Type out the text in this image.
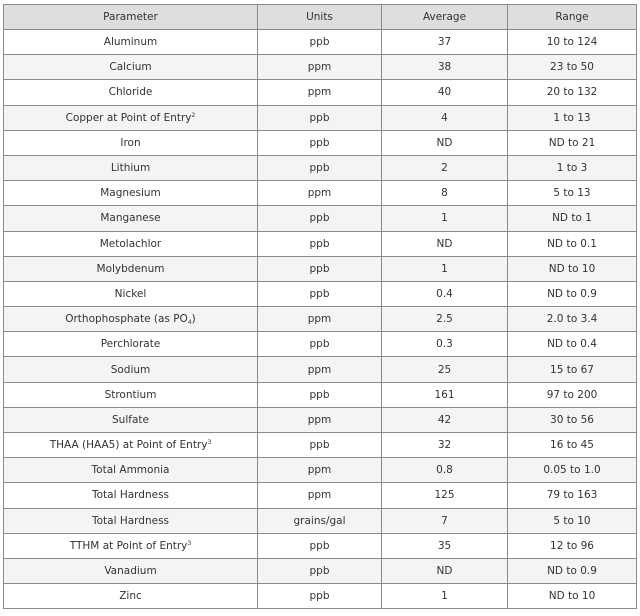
Parameter	Units	Average	Range
Aluminum	ppb	37	10 to 124
Calcium	ppm	38	23 to 50
Chloride	ppm	40	20 to 132
Copper at Point of Entry$^2$	ppb	4	1 to 13
Iron	ppb	ND	ND to 21
Lithium	ppb	2	1 to 3
Magnesium	ppm	8	5 to 13
Manganese	ppb	1	ND to 1
Metolachlor	ppb	ND	ND to 0.1
Molybdenum	ppb	1	ND to 10
Nickel	ppb	0.4	ND to 0.9
Orthophosphate (as $PO_4$)	ppm	2.5	2.0 to 3.4
Perchlorate	ppb	0.3	ND to 0.4
Sodium	ppm	25	15 to 67
Strontium	ppb	161	97 to 200
Sulfate	ppm	42	30 to 56
THAA (HAA5) at Point of Entry$^3$	ppb	32	16 to 45
Total Ammonia	ppm	0.8	0.05 to 1.0
Total Hardness	ppm	125	79 to 163
Total Hardness	grains/gal	7	5 to 10
TTHM at Point of Entry$^3$	ppb	35	12 to 96
Vanadium	ppb	ND	ND to 0.9
Zinc	ppb	1	ND to 10
